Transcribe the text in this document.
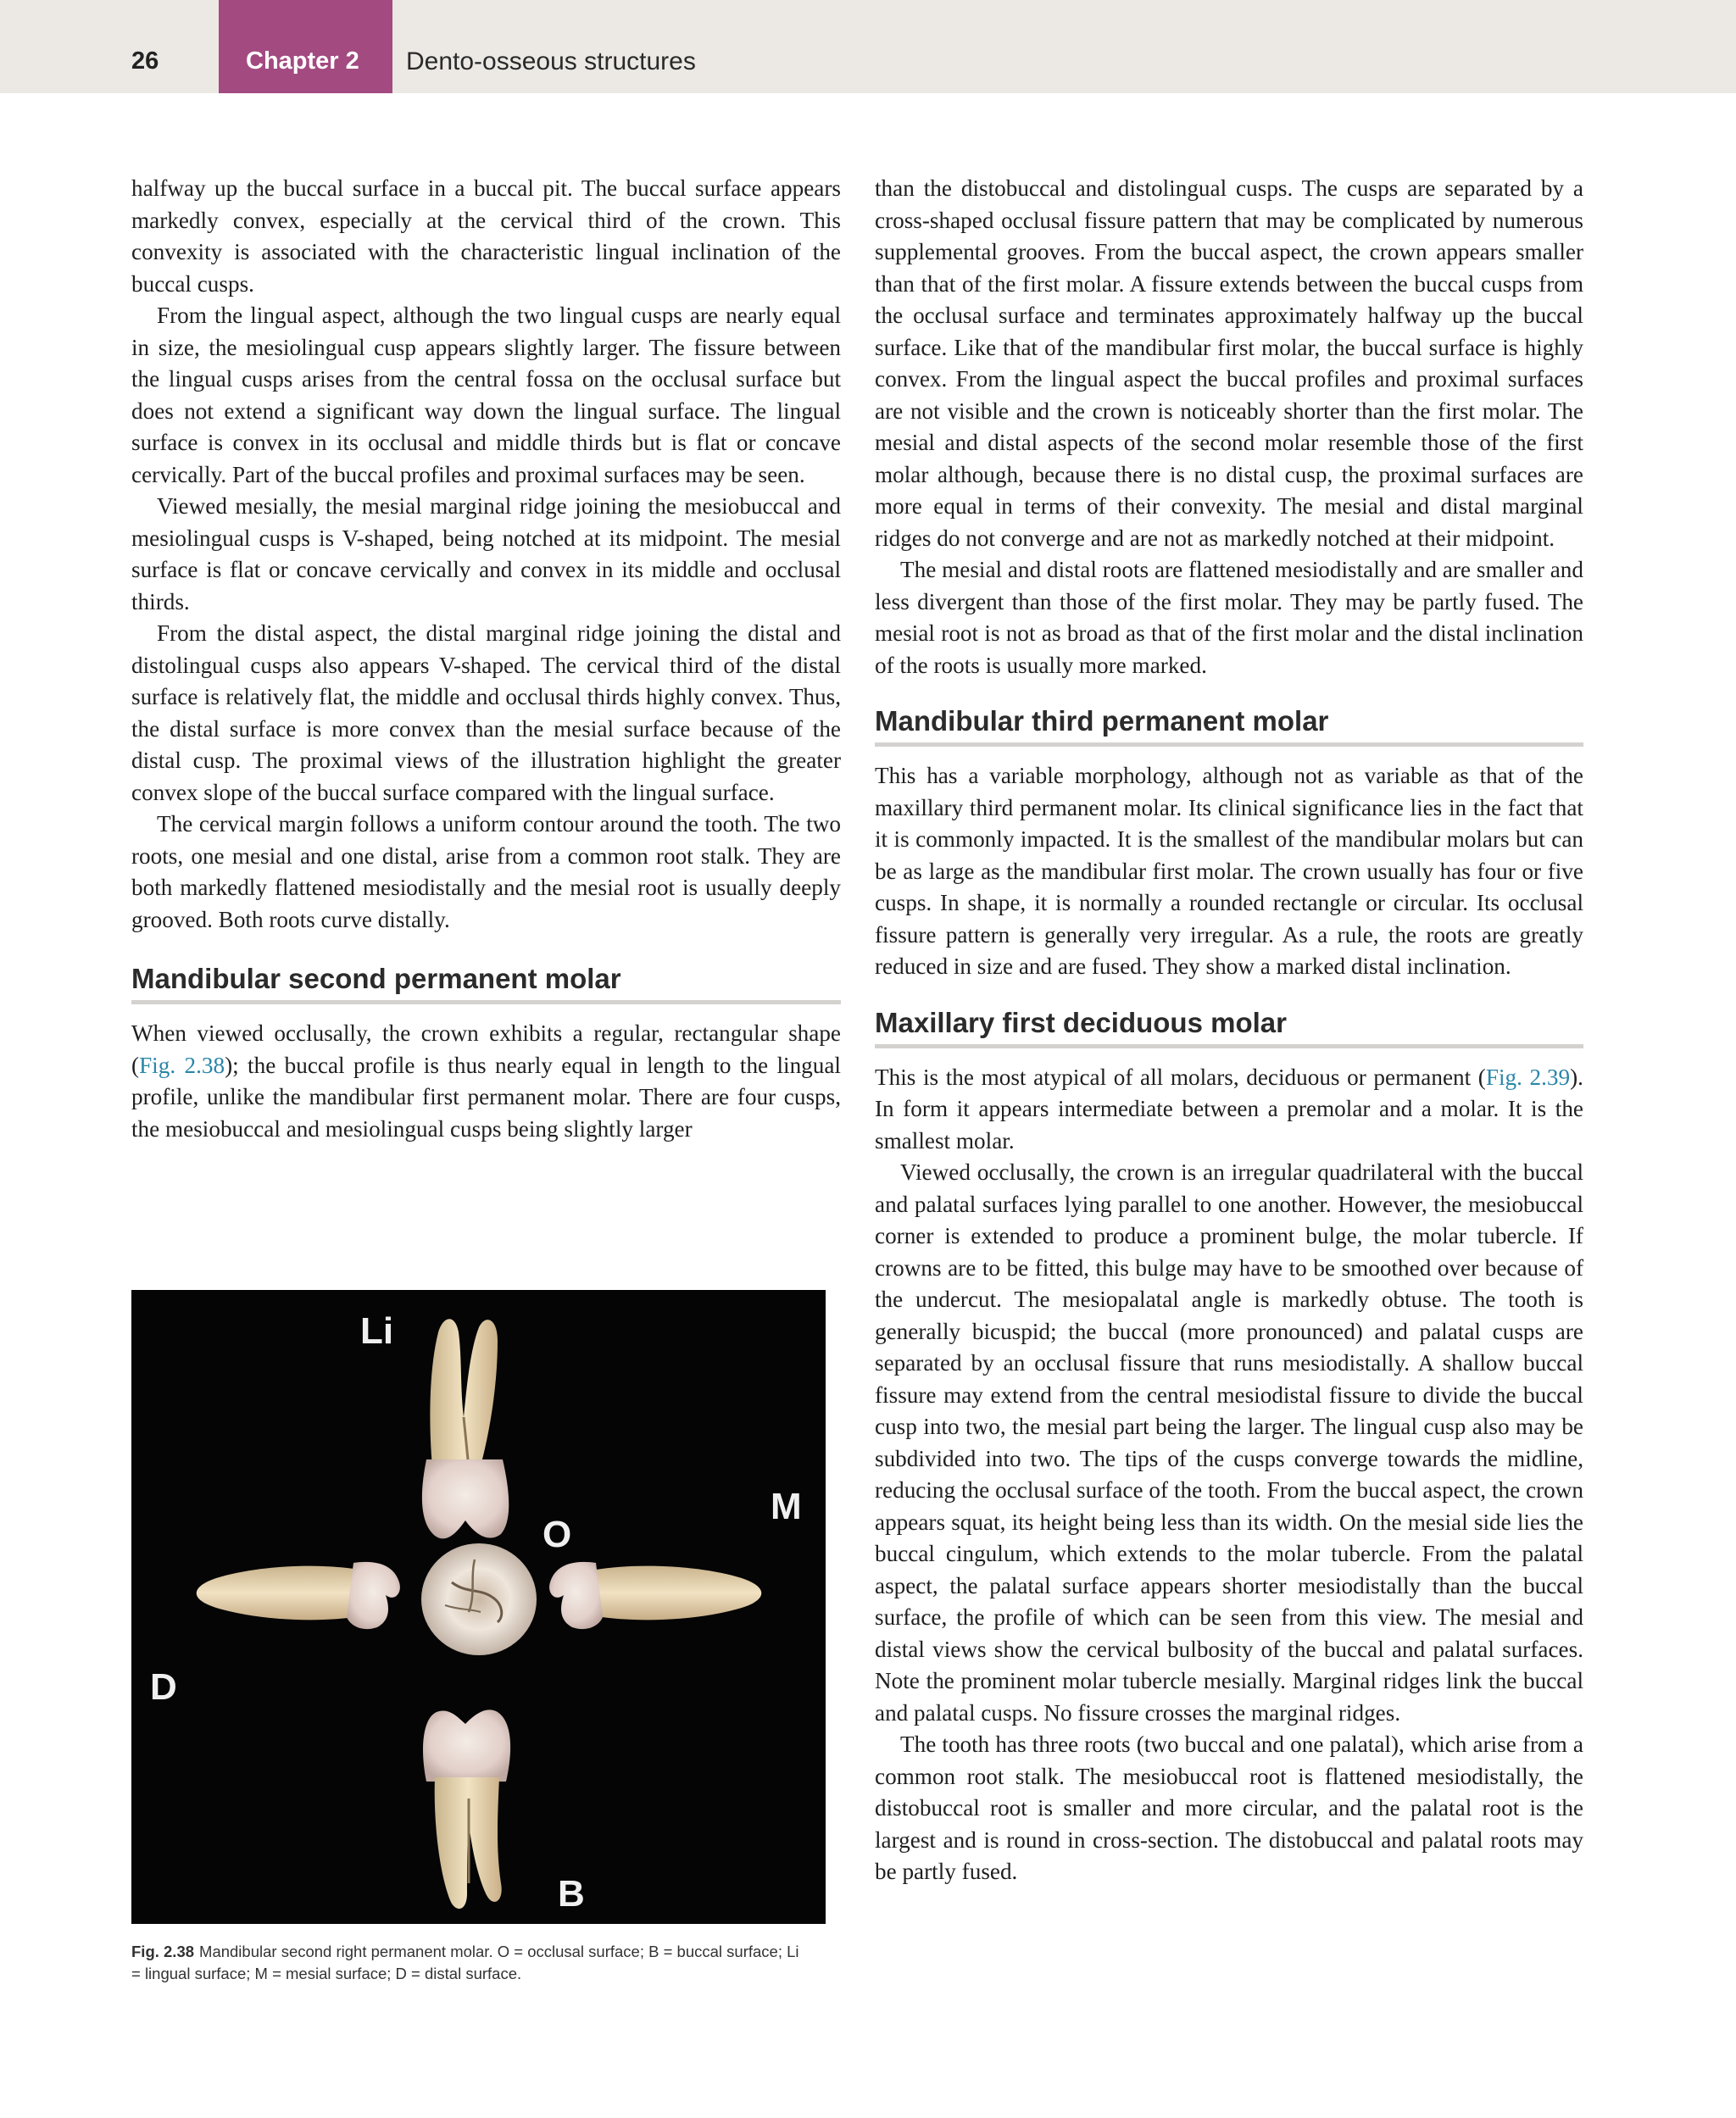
26	Chapter 2 Dento-osseous structures

halfway up the buccal surface in a buccal pit. The buccal surface appears markedly convex, especially at the cervical third of the crown. This convexity is associated with the characteristic lingual inclination of the buccal cusps.

From the lingual aspect, although the two lingual cusps are nearly equal in size, the mesiolingual cusp appears slightly larger. The fissure between the lingual cusps arises from the central fossa on the occlusal surface but does not extend a significant way down the lingual surface. The lingual surface is convex in its occlusal and middle thirds but is flat or concave cervically. Part of the buccal profiles and proximal surfaces may be seen.

Viewed mesially, the mesial marginal ridge joining the mesiobuccal and mesiolingual cusps is V-shaped, being notched at its midpoint. The mesial surface is flat or concave cervically and convex in its middle and occlusal thirds.

From the distal aspect, the distal marginal ridge joining the distal and distolingual cusps also appears V-shaped. The cervical third of the distal surface is relatively flat, the middle and occlusal thirds highly convex. Thus, the distal surface is more convex than the mesial surface because of the distal cusp. The proximal views of the illustration highlight the greater convex slope of the buccal surface compared with the lingual surface.

The cervical margin follows a uniform contour around the tooth. The two roots, one mesial and one distal, arise from a common root stalk. They are both markedly flattened mesiodistally and the mesial root is usually deeply grooved. Both roots curve distally.

Mandibular second permanent molar

When viewed occlusally, the crown exhibits a regular, rectangular shape (Fig. 2.38); the buccal profile is thus nearly equal in length to the lingual profile, unlike the mandibular first permanent molar. There are four cusps, the mesiobuccal and mesiolingual cusps being slightly larger

Li
M
O
D
B
Fig. 2.38 Mandibular second right permanent molar. O = occlusal surface; B = buccal surface; Li = lingual surface; M = mesial surface; D = distal surface.

than the distobuccal and distolingual cusps. The cusps are separated by a cross-shaped occlusal fissure pattern that may be complicated by numerous supplemental grooves. From the buccal aspect, the crown appears smaller than that of the first molar. A fissure extends between the buccal cusps from the occlusal surface and terminates approximately halfway up the buccal surface. Like that of the mandibular first molar, the buccal surface is highly convex. From the lingual aspect the buccal profiles and proximal surfaces are not visible and the crown is noticeably shorter than the first molar. The mesial and distal aspects of the second molar resemble those of the first molar although, because there is no distal cusp, the proximal surfaces are more equal in terms of their convexity. The mesial and distal marginal ridges do not converge and are not as markedly notched at their midpoint.

The mesial and distal roots are flattened mesiodistally and are smaller and less divergent than those of the first molar. They may be partly fused. The mesial root is not as broad as that of the first molar and the distal inclination of the roots is usually more marked.

Mandibular third permanent molar

This has a variable morphology, although not as variable as that of the maxillary third permanent molar. Its clinical significance lies in the fact that it is commonly impacted. It is the smallest of the mandibular molars but can be as large as the mandibular first molar. The crown usually has four or five cusps. In shape, it is normally a rounded rectangle or circular. Its occlusal fissure pattern is generally very irregular. As a rule, the roots are greatly reduced in size and are fused. They show a marked distal inclination.

Maxillary first deciduous molar

This is the most atypical of all molars, deciduous or permanent (Fig. 2.39). In form it appears intermediate between a premolar and a molar. It is the smallest molar.

Viewed occlusally, the crown is an irregular quadrilateral with the buccal and palatal surfaces lying parallel to one another. However, the mesiobuccal corner is extended to produce a prominent bulge, the molar tubercle. If crowns are to be fitted, this bulge may have to be smoothed over because of the undercut. The mesiopalatal angle is markedly obtuse. The tooth is generally bicuspid; the buccal (more pronounced) and palatal cusps are separated by an occlusal fissure that runs mesiodistally. A shallow buccal fissure may extend from the central mesiodistal fissure to divide the buccal cusp into two, the mesial part being the larger. The lingual cusp also may be subdivided into two. The tips of the cusps converge towards the midline, reducing the occlusal surface of the tooth. From the buccal aspect, the crown appears squat, its height being less than its width. On the mesial side lies the buccal cingulum, which extends to the molar tubercle. From the palatal aspect, the palatal surface appears shorter mesiodistally than the buccal surface, the profile of which can be seen from this view. The mesial and distal views show the cervical bulbosity of the buccal and palatal surfaces. Note the prominent molar tubercle mesially. Marginal ridges link the buccal and palatal cusps. No fissure crosses the marginal ridges.

The tooth has three roots (two buccal and one palatal), which arise from a common root stalk. The mesiobuccal root is flattened mesiodistally, the distobuccal root is smaller and more circular, and the palatal root is the largest and is round in cross-section. The distobuccal and palatal roots may be partly fused.
